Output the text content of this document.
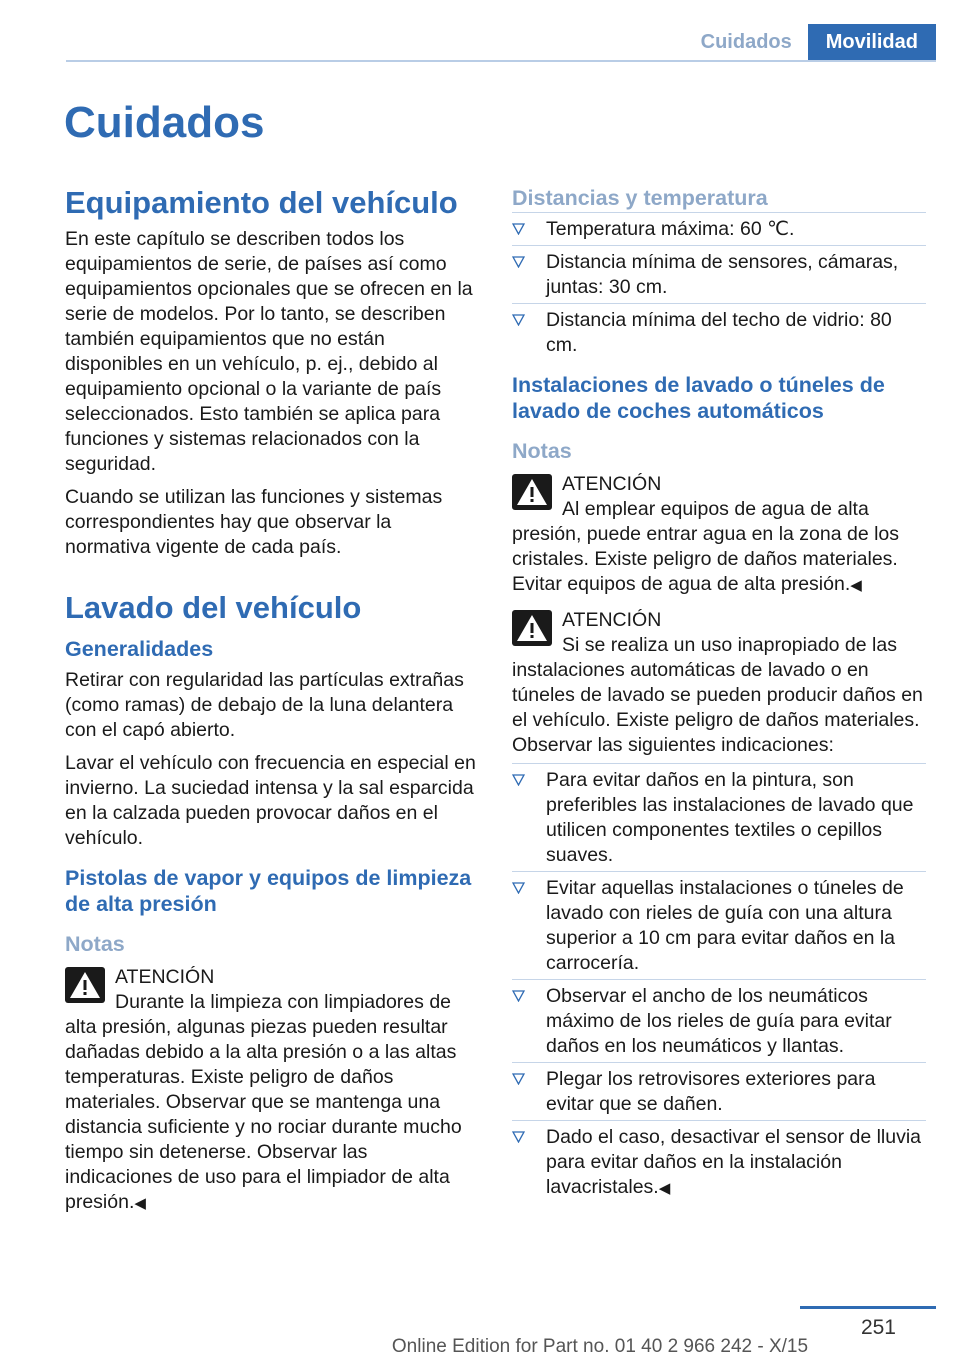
Cuidados	Movilidad
Cuidados
Equipamiento del vehículo

En este capítulo se describen todos los equipamientos de serie, de países así como equipamientos opcionales que se ofrecen en la serie de modelos. Por lo tanto, se describen también equipamientos que no están disponibles en un vehículo, p. ej., debido al equipamiento opcional o la variante de país seleccionados. Esto también se aplica para funciones y sistemas relacionados con la seguridad.

Cuando se utilizan las funciones y sistemas correspondientes hay que observar la normativa vigente de cada país.

Lavado del vehículo
Generalidades

Retirar con regularidad las partículas extrañas (como ramas) de debajo de la luna delantera con el capó abierto.

Lavar el vehículo con frecuencia en especial en invierno. La suciedad intensa y la sal esparcida en la calzada pueden provocar daños en el vehículo.

Pistolas de vapor y equipos de limpieza de alta presión
Notas
ATENCIÓN
Durante la limpieza con limpiadores de alta presión, algunas piezas pueden resultar dañadas debido a la alta presión o a las altas temperaturas. Existe peligro de daños materiales. Observar que se mantenga una distancia suficiente y no rociar durante mucho tiempo sin detenerse. Observar las indicaciones de uso para el limpiador de alta presión.◀
Distancias y temperatura
Temperatura máxima: 60 ℃.
Distancia mínima de sensores, cámaras, juntas: 30 cm.
Distancia mínima del techo de vidrio: 80 cm.
Instalaciones de lavado o túneles de lavado de coches automáticos
Notas
ATENCIÓN
Al emplear equipos de agua de alta presión, puede entrar agua en la zona de los cristales. Existe peligro de daños materiales. Evitar equipos de agua de alta presión.◀
ATENCIÓN
Si se realiza un uso inapropiado de las instalaciones automáticas de lavado o en túneles de lavado se pueden producir daños en el vehículo. Existe peligro de daños materiales. Observar las siguientes indicaciones:
Para evitar daños en la pintura, son preferibles las instalaciones de lavado que utilicen componentes textiles o cepillos suaves.
Evitar aquellas instalaciones o túneles de lavado con rieles de guía con una altura superior a 10 cm para evitar daños en la carrocería.
Observar el ancho de los neumáticos máximo de los rieles de guía para evitar daños en los neumáticos y llantas.
Plegar los retrovisores exteriores para evitar que se dañen.
Dado el caso, desactivar el sensor de lluvia para evitar daños en la instalación lavacristales.◀
251
Online Edition for Part no. 01 40 2 966 242 - X/15
